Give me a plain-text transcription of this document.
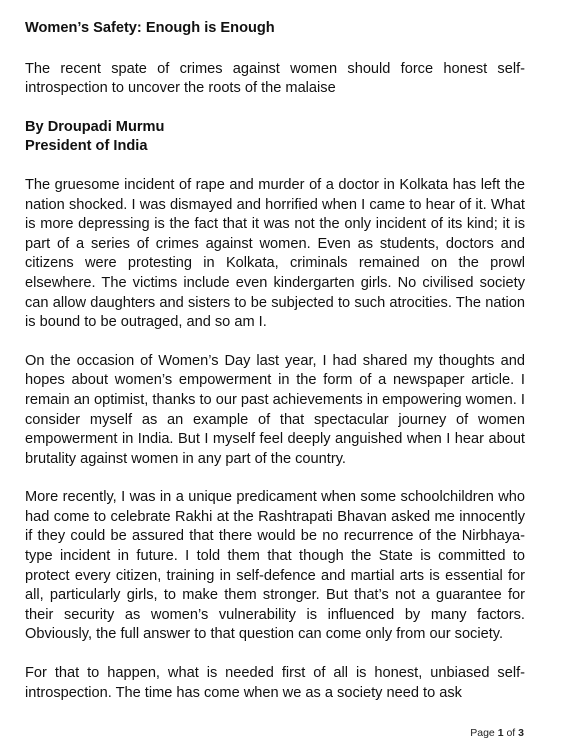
Women’s Safety: Enough is Enough

The recent spate of crimes against women should force honest self-introspection to uncover the roots of the malaise

By Droupadi Murmu
President of India

The gruesome incident of rape and murder of a doctor in Kolkata has left the nation shocked. I was dismayed and horrified when I came to hear of it. What is more depressing is the fact that it was not the only incident of its kind; it is part of a series of crimes against women. Even as students, doctors and citizens were protesting in Kolkata, criminals remained on the prowl elsewhere. The victims include even kindergarten girls. No civilised society can allow daughters and sisters to be subjected to such atrocities. The nation is bound to be outraged, and so am I.

On the occasion of Women’s Day last year, I had shared my thoughts and hopes about women’s empowerment in the form of a newspaper article. I remain an optimist, thanks to our past achievements in empowering women. I consider myself as an example of that spectacular journey of women empowerment in India. But I myself feel deeply anguished when I hear about brutality against women in any part of the country.

More recently, I was in a unique predicament when some schoolchildren who had come to celebrate Rakhi at the Rashtrapati Bhavan asked me innocently if they could be assured that there would be no recurrence of the Nirbhaya-type incident in future. I told them that though the State is committed to protect every citizen, training in self-defence and martial arts is essential for all, particularly girls, to make them stronger. But that’s not a guarantee for their security as women’s vulnerability is influenced by many factors. Obviously, the full answer to that question can come only from our society.

For that to happen, what is needed first of all is honest, unbiased self-introspection. The time has come when we as a society need to ask

Page 1 of 3
